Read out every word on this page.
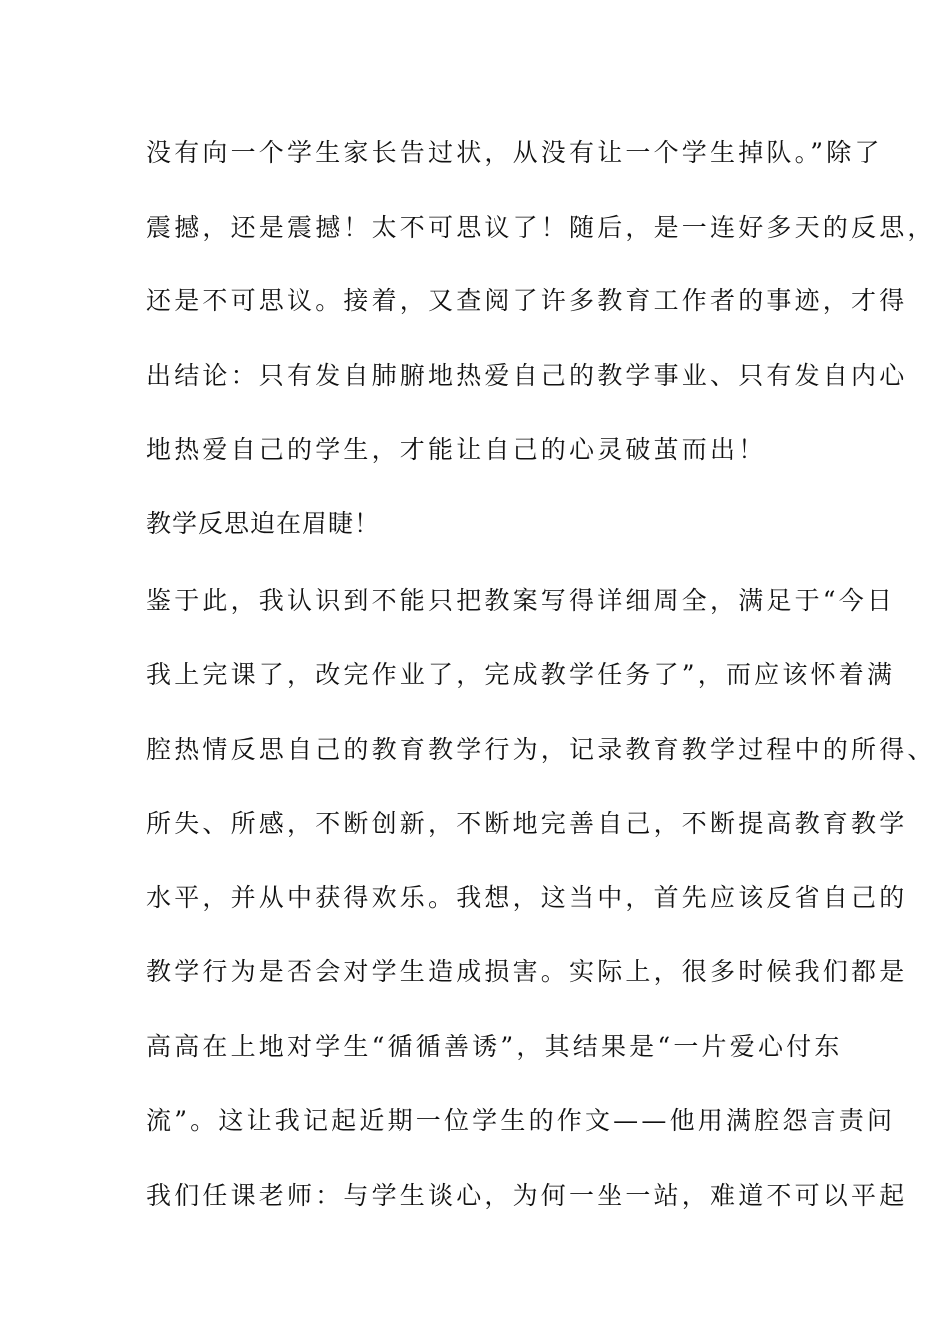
没有向一个学生家长告过状，从没有让一个学生掉队。”除了
震撼，还是震撼！太不可思议了！随后，是一连好多天的反思，
还是不可思议。接着，又查阅了许多教育工作者的事迹，才得
出结论：只有发自肺腑地热爱自己的教学事业、只有发自内心
地热爱自己的学生，才能让自己的心灵破茧而出！
教学反思迫在眉睫！
鉴于此，我认识到不能只把教案写得详细周全，满足于“今日
我上完课了，改完作业了，完成教学任务了”，而应该怀着满
腔热情反思自己的教育教学行为，记录教育教学过程中的所得、
所失、所感，不断创新，不断地完善自己，不断提高教育教学
水平，并从中获得欢乐。我想，这当中，首先应该反省自己的
教学行为是否会对学生造成损害。实际上，很多时候我们都是
高高在上地对学生“循循善诱”，其结果是“一片爱心付东
流”。这让我记起近期一位学生的作文——他用满腔怨言责问
我们任课老师：与学生谈心，为何一坐一站，难道不可以平起
